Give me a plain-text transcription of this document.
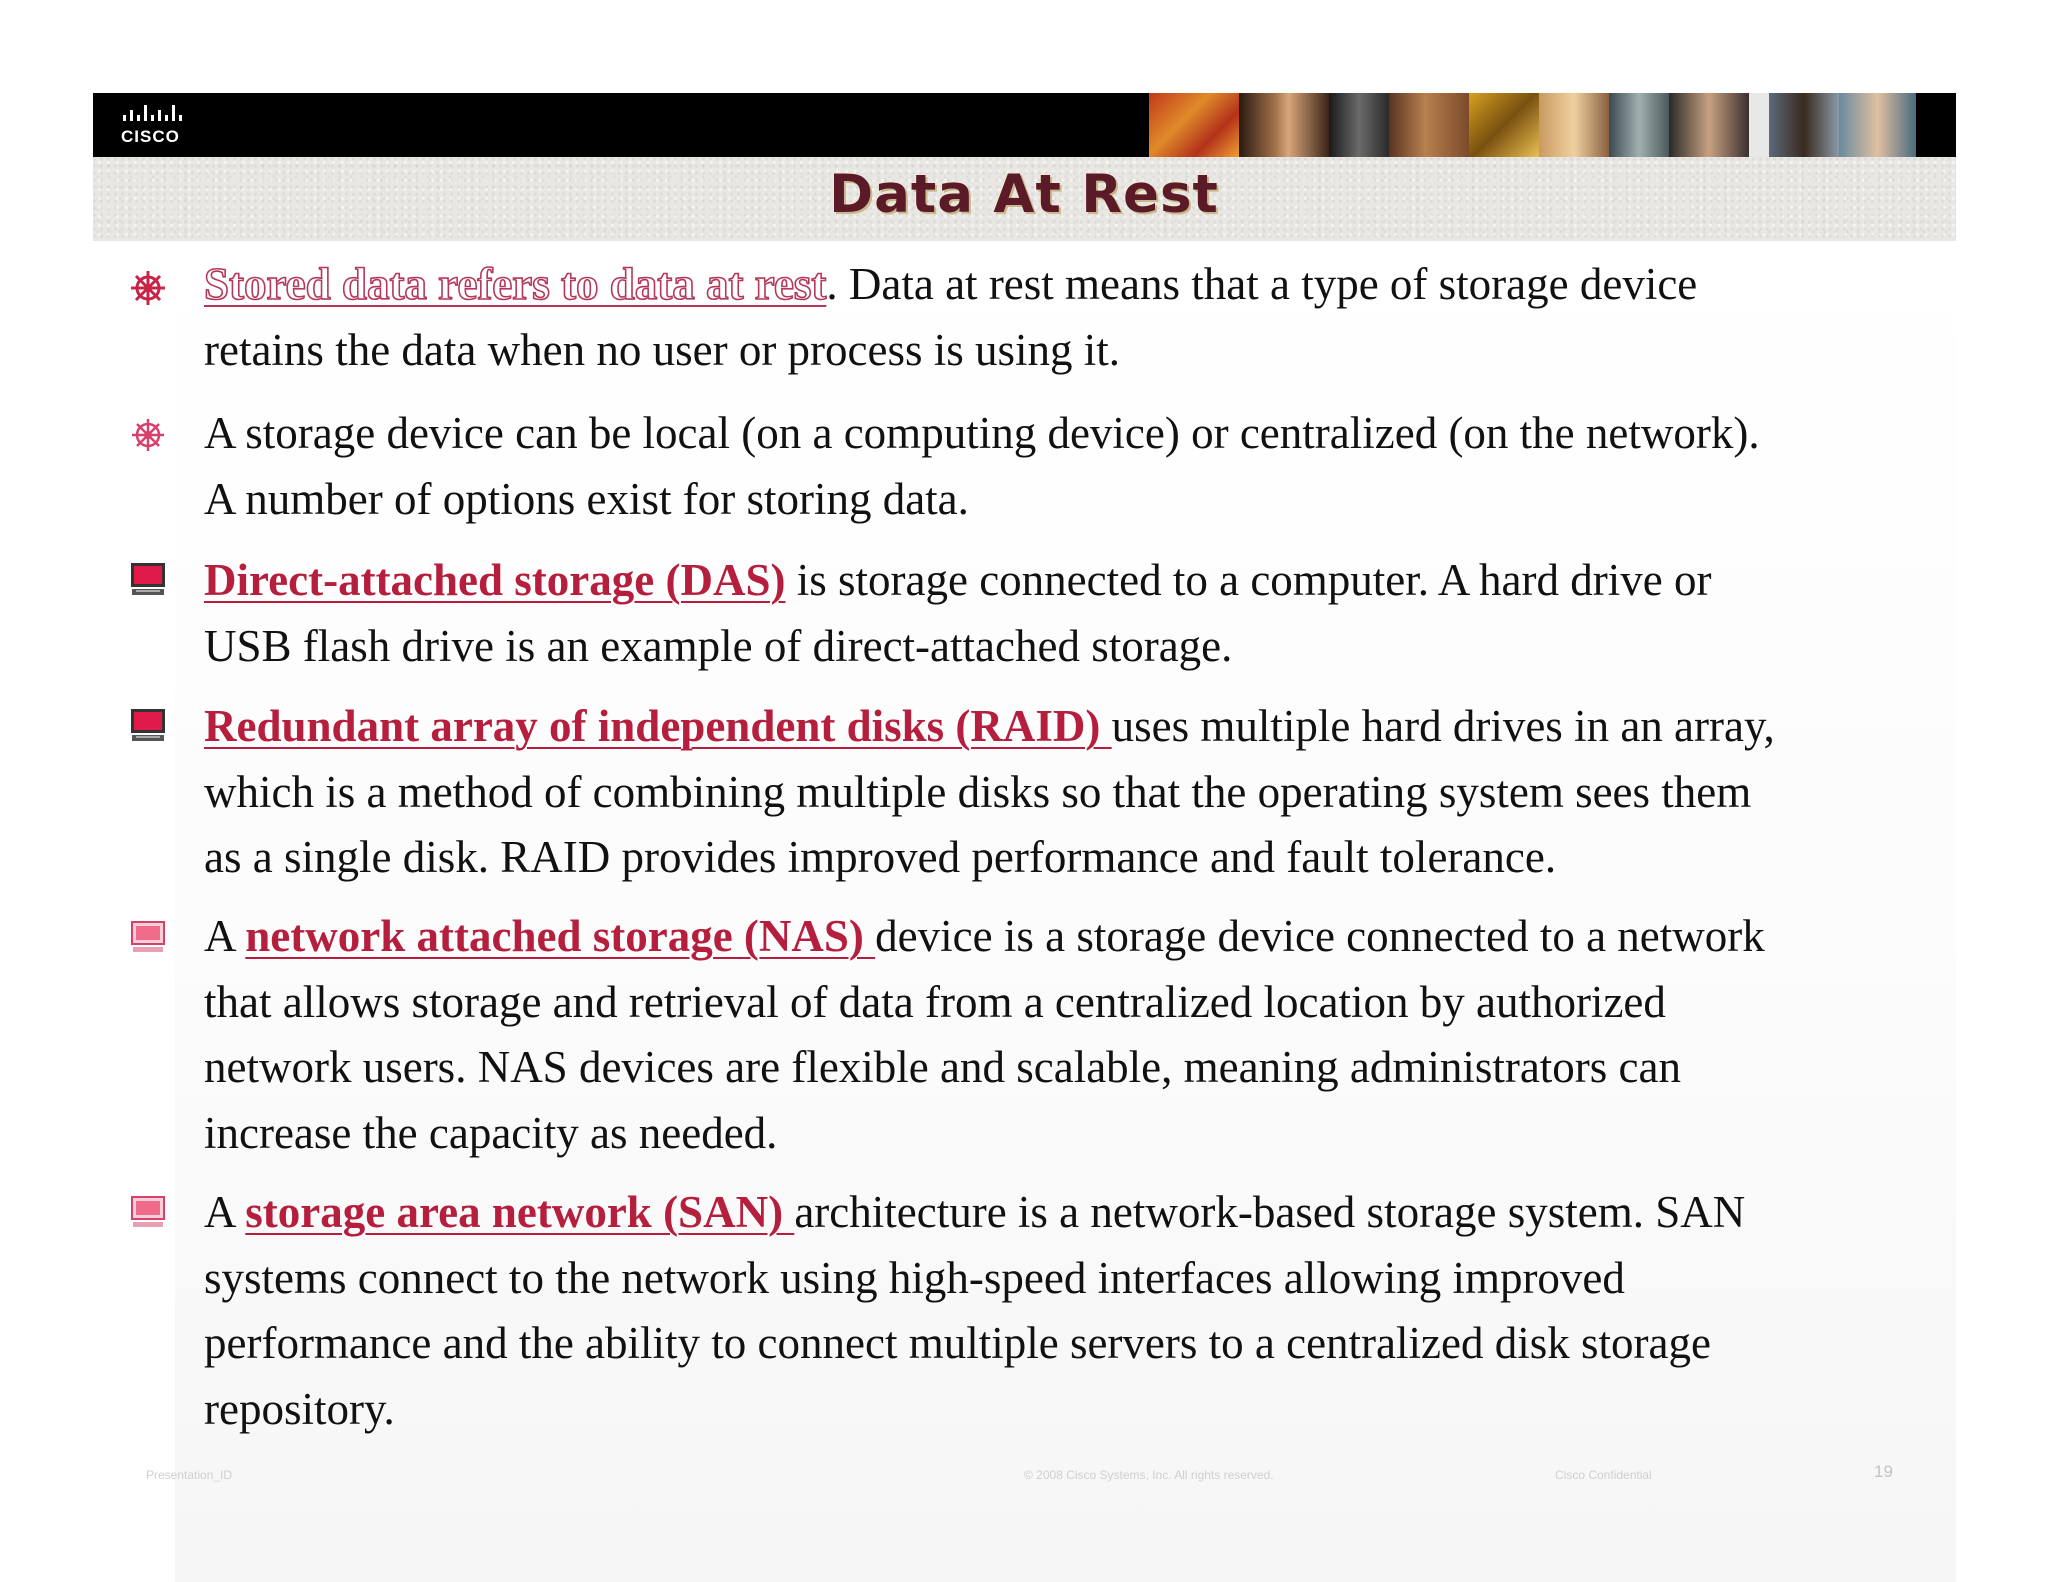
CISCO
Data At Rest
Stored data refers to data at rest. Data at rest means that a type of storage device
retains the data when no user or process is using it.
A storage device can be local (on a computing device) or centralized (on the network).
A number of options exist for storing data.
Direct-attached storage (DAS) is storage connected to a computer. A hard drive or
USB flash drive is an example of direct-attached storage.
Redundant array of independent disks (RAID) uses multiple hard drives in an array,
which is a method of combining multiple disks so that the operating system sees them
as a single disk. RAID provides improved performance and fault tolerance.
A network attached storage (NAS) device is a storage device connected to a network
that allows storage and retrieval of data from a centralized location by authorized
network users. NAS devices are flexible and scalable, meaning administrators can
increase the capacity as needed.
A storage area network (SAN) architecture is a network-based storage system. SAN
systems connect to the network using high-speed interfaces allowing improved
performance and the ability to connect multiple servers to a centralized disk storage
repository.
Presentation_ID	© 2008 Cisco Systems, Inc. All rights reserved.	Cisco Confidential	19
